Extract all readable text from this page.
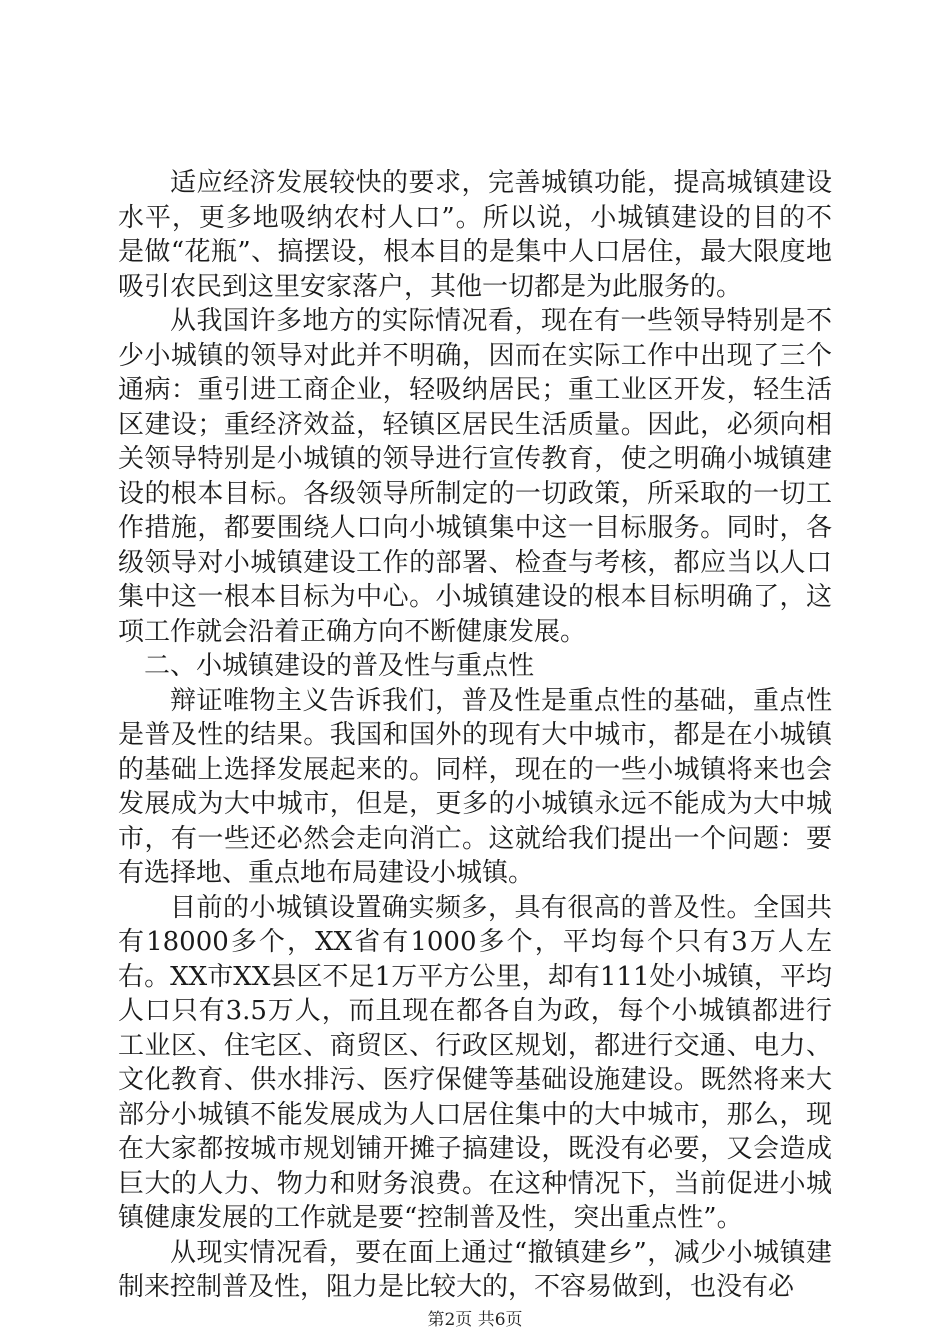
适应经济发展较快的要求，完善城镇功能，提高城镇建设水平，更多地吸纳农村人口”。所以说，小城镇建设的目的不是做“花瓶”、搞摆设，根本目的是集中人口居住，最大限度地吸引农民到这里安家落户，其他一切都是为此服务的。

从我国许多地方的实际情况看，现在有一些领导特别是不少小城镇的领导对此并不明确，因而在实际工作中出现了三个通病：重引进工商企业，轻吸纳居民；重工业区开发，轻生活区建设；重经济效益，轻镇区居民生活质量。因此，必须向相关领导特别是小城镇的领导进行宣传教育，使之明确小城镇建设的根本目标。各级领导所制定的一切政策，所采取的一切工作措施，都要围绕人口向小城镇集中这一目标服务。同时，各级领导对小城镇建设工作的部署、检查与考核，都应当以人口集中这一根本目标为中心。小城镇建设的根本目标明确了，这项工作就会沿着正确方向不断健康发展。

二、小城镇建设的普及性与重点性

辩证唯物主义告诉我们，普及性是重点性的基础，重点性是普及性的结果。我国和国外的现有大中城市，都是在小城镇的基础上选择发展起来的。同样，现在的一些小城镇将来也会发展成为大中城市，但是，更多的小城镇永远不能成为大中城市，有一些还必然会走向消亡。这就给我们提出一个问题：要有选择地、重点地布局建设小城镇。

目前的小城镇设置确实频多，具有很高的普及性。全国共有18000多个，XX省有1000多个，平均每个只有3万人左右。XX市XX县区不足1万平方公里，却有111处小城镇，平均人口只有3.5万人，而且现在都各自为政，每个小城镇都进行工业区、住宅区、商贸区、行政区规划，都进行交通、电力、文化教育、供水排污、医疗保健等基础设施建设。既然将来大部分小城镇不能发展成为人口居住集中的大中城市，那么，现在大家都按城市规划铺开摊子搞建设，既没有必要，又会造成巨大的人力、物力和财务浪费。在这种情况下，当前促进小城镇健康发展的工作就是要“控制普及性，突出重点性”。

从现实情况看，要在面上通过“撤镇建乡”，减少小城镇建制来控制普及性，阻力是比较大的，不容易做到，也没有必

第2页 共6页
